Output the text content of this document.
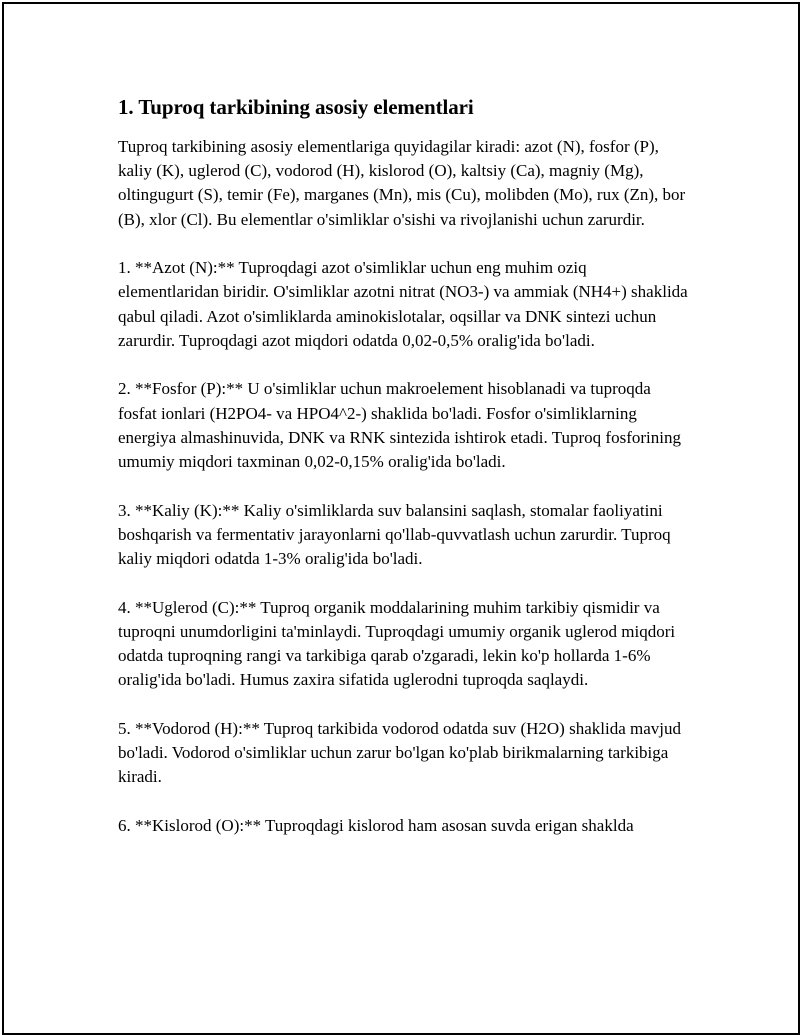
1. Tuproq tarkibining asosiy elementlari

Tuproq tarkibining asosiy elementlariga quyidagilar kiradi: azot (N), fosfor (P), kaliy (K), uglerod (C), vodorod (H), kislorod (O), kaltsiy (Ca), magniy (Mg), oltingugurt (S), temir (Fe), marganes (Mn), mis (Cu), molibden (Mo), rux (Zn), bor (B), xlor (Cl). Bu elementlar o'simliklar o'sishi va rivojlanishi uchun zarurdir.

1. **Azot (N):** Tuproqdagi azot o'simliklar uchun eng muhim oziq elementlaridan biridir. O'simliklar azotni nitrat (NO3-) va ammiak (NH4+) shaklida qabul qiladi. Azot o'simliklarda aminokislotalar, oqsillar va DNK sintezi uchun zarurdir. Tuproqdagi azot miqdori odatda 0,02-0,5% oralig'ida bo'ladi.

2. **Fosfor (P):** U o'simliklar uchun makroelement hisoblanadi va tuproqda fosfat ionlari (H2PO4- va HPO4^2-) shaklida bo'ladi. Fosfor o'simliklarning energiya almashinuvida, DNK va RNK sintezida ishtirok etadi. Tuproq fosforining umumiy miqdori taxminan 0,02-0,15% oralig'ida bo'ladi.

3. **Kaliy (K):** Kaliy o'simliklarda suv balansini saqlash, stomalar faoliyatini boshqarish va fermentativ jarayonlarni qo'llab-quvvatlash uchun zarurdir. Tuproq kaliy miqdori odatda 1-3% oralig'ida bo'ladi.

4. **Uglerod (C):** Tuproq organik moddalarining muhim tarkibiy qismidir va tuproqni unumdorligini ta'minlaydi. Tuproqdagi umumiy organik uglerod miqdori odatda tuproqning rangi va tarkibiga qarab o'zgaradi, lekin ko'p hollarda 1-6% oralig'ida bo'ladi. Humus zaxira sifatida uglerodni tuproqda saqlaydi.

5. **Vodorod (H):** Tuproq tarkibida vodorod odatda suv (H2O) shaklida mavjud bo'ladi. Vodorod o'simliklar uchun zarur bo'lgan ko'plab birikmalarning tarkibiga kiradi.

6. **Kislorod (O):** Tuproqdagi kislorod ham asosan suvda erigan shaklda
